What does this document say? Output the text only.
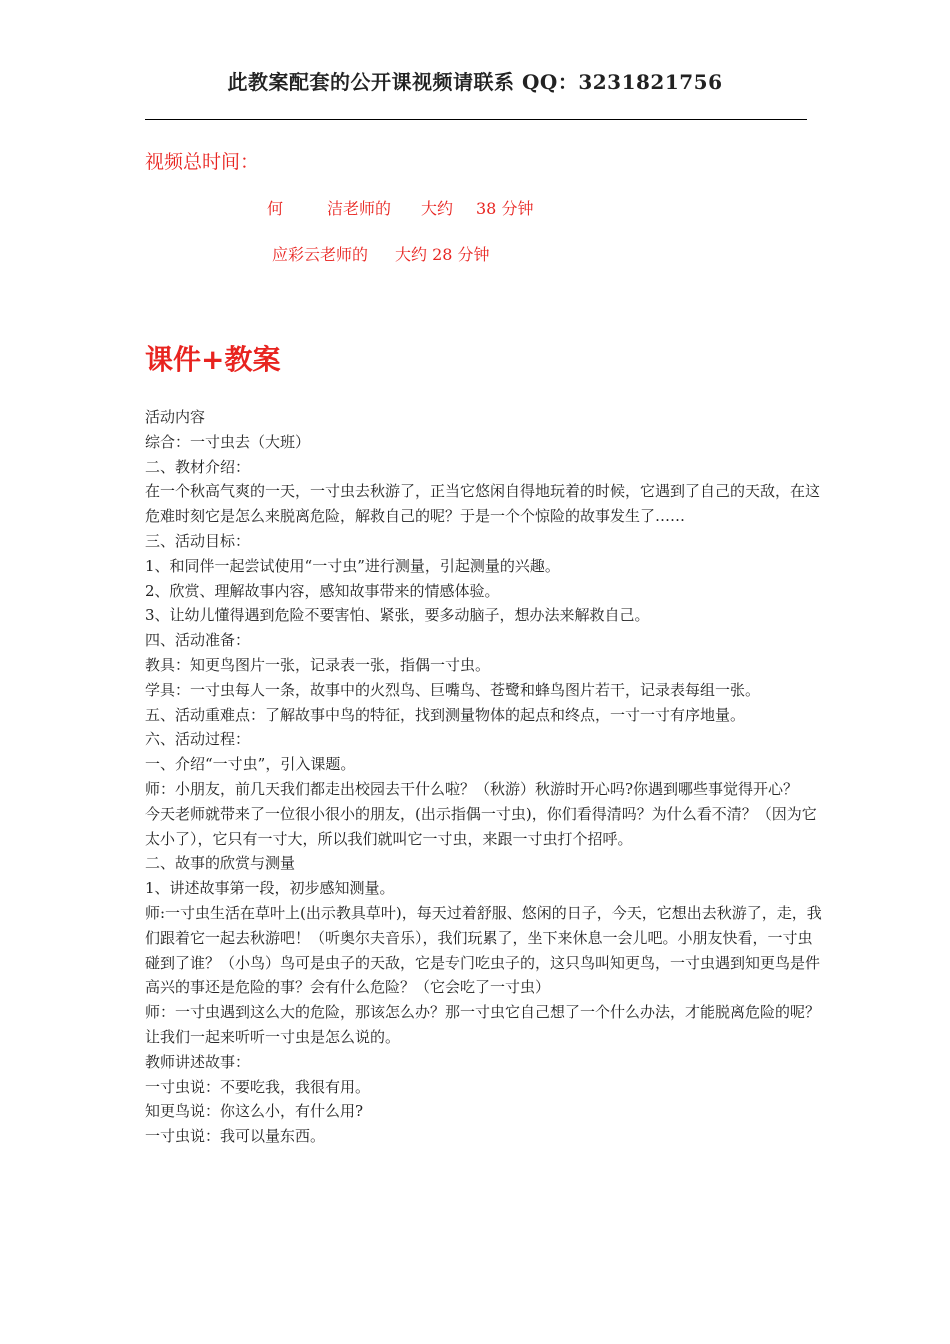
此教案配套的公开课视频请联系 QQ：3231821756
视频总时间：
何	洁老师的 大约 38 分钟
应彩云老师的 大约 28 分钟
课件+教案

活动内容

综合：一寸虫去（大班）

二、教材介绍：

在一个秋高气爽的一天，一寸虫去秋游了，正当它悠闲自得地玩着的时候，它遇到了自己的天敌，在这危难时刻它是怎么来脱离危险，解救自己的呢？于是一个个惊险的故事发生了……

三、活动目标：

1、和同伴一起尝试使用“一寸虫”进行测量，引起测量的兴趣。

2、欣赏、理解故事内容，感知故事带来的情感体验。

3、让幼儿懂得遇到危险不要害怕、紧张，要多动脑子，想办法来解救自己。

四、活动准备：

教具：知更鸟图片一张，记录表一张，指偶一寸虫。

学具：一寸虫每人一条，故事中的火烈鸟、巨嘴鸟、苍鹭和蜂鸟图片若干，记录表每组一张。

五、活动重难点：了解故事中鸟的特征，找到测量物体的起点和终点，一寸一寸有序地量。

六、活动过程：

一、介绍“一寸虫”，引入课题。

师：小朋友，前几天我们都走出校园去干什么啦？（秋游）秋游时开心吗?你遇到哪些事觉得开心？

今天老师就带来了一位很小很小的朋友，(出示指偶一寸虫)，你们看得清吗？为什么看不清？（因为它太小了），它只有一寸大，所以我们就叫它一寸虫，来跟一寸虫打个招呼。

二、故事的欣赏与测量

1、讲述故事第一段，初步感知测量。

师:一寸虫生活在草叶上(出示教具草叶)，每天过着舒服、悠闲的日子，今天，它想出去秋游了，走，我们跟着它一起去秋游吧！（听奥尔夫音乐），我们玩累了，坐下来休息一会儿吧。小朋友快看，一寸虫碰到了谁？（小鸟）鸟可是虫子的天敌，它是专门吃虫子的，这只鸟叫知更鸟，一寸虫遇到知更鸟是件高兴的事还是危险的事？会有什么危险？（它会吃了一寸虫）

师：一寸虫遇到这么大的危险，那该怎么办？那一寸虫它自己想了一个什么办法，才能脱离危险的呢？让我们一起来听听一寸虫是怎么说的。

教师讲述故事：

一寸虫说：不要吃我，我很有用。

知更鸟说：你这么小，有什么用?

一寸虫说：我可以量东西。
